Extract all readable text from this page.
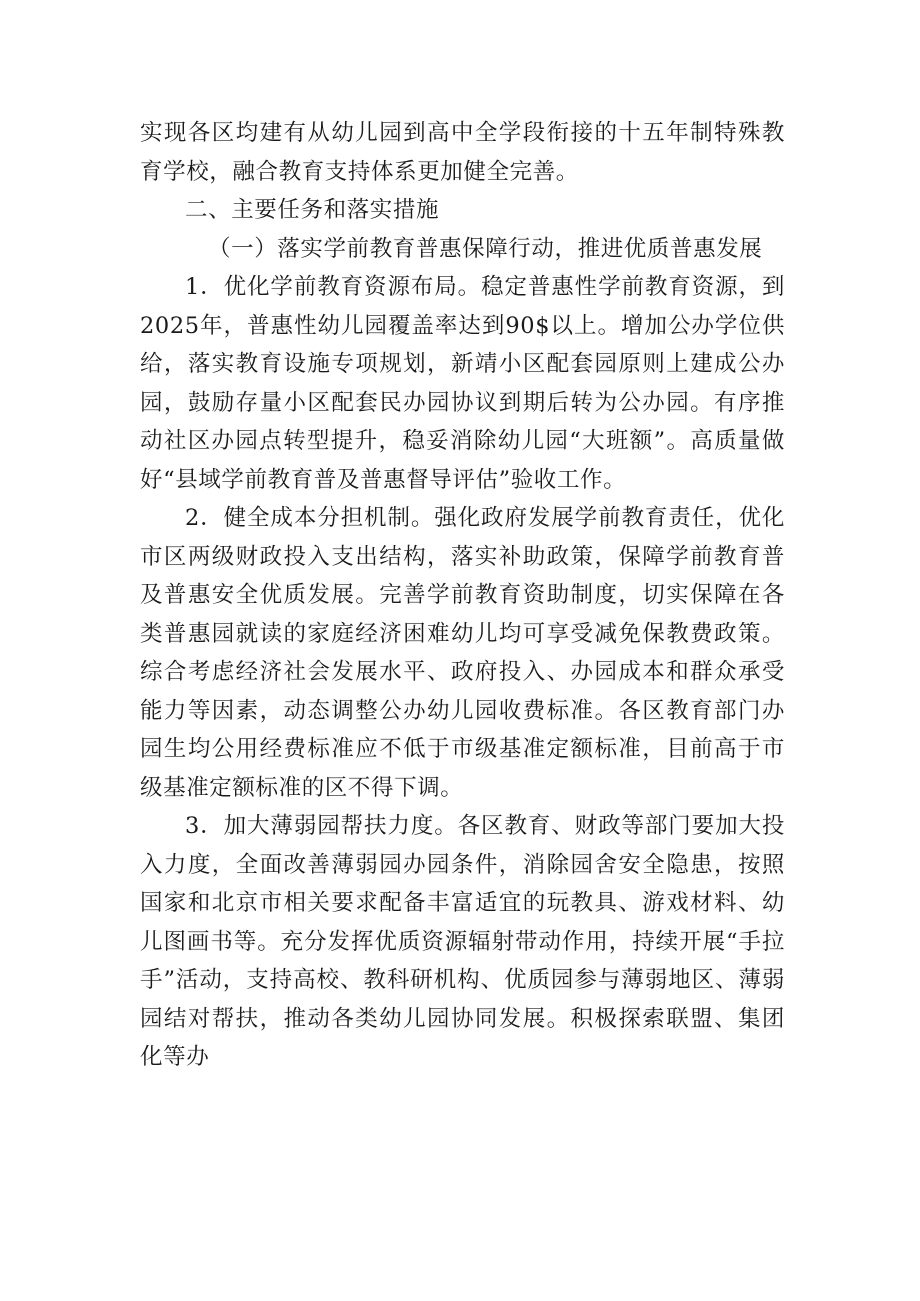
实现各区均建有从幼儿园到高中全学段衔接的十五年制特殊教育学校，融合教育支持体系更加健全完善。

二、主要任务和落实措施

（一）落实学前教育普惠保障行动，推进优质普惠发展

1．优化学前教育资源布局。稳定普惠性学前教育资源，到2025年，普惠性幼儿园覆盖率达到90$以上。增加公办学位供给，落实教育设施专项规划，新靖小区配套园原则上建成公办园，鼓励存量小区配套民办园协议到期后转为公办园。有序推动社区办园点转型提升，稳妥消除幼儿园“大班额”。高质量做好“县域学前教育普及普惠督导评估”验收工作。

2．健全成本分担机制。强化政府发展学前教育责任，优化市区两级财政投入支出结构，落实补助政策，保障学前教育普及普惠安全优质发展。完善学前教育资助制度，切实保障在各类普惠园就读的家庭经济困难幼儿均可享受减免保教费政策。综合考虑经济社会发展水平、政府投入、办园成本和群众承受能力等因素，动态调整公办幼儿园收费标准。各区教育部门办园生均公用经费标准应不低于市级基准定额标准，目前高于市级基准定额标准的区不得下调。

3．加大薄弱园帮扶力度。各区教育、财政等部门要加大投入力度，全面改善薄弱园办园条件，消除园舍安全隐患，按照国家和北京市相关要求配备丰富适宜的玩教具、游戏材料、幼儿图画书等。充分发挥优质资源辐射带动作用，持续开展“手拉手”活动，支持高校、教科研机构、优质园参与薄弱地区、薄弱园结对帮扶，推动各类幼儿园协同发展。积极探索联盟、集团化等办
